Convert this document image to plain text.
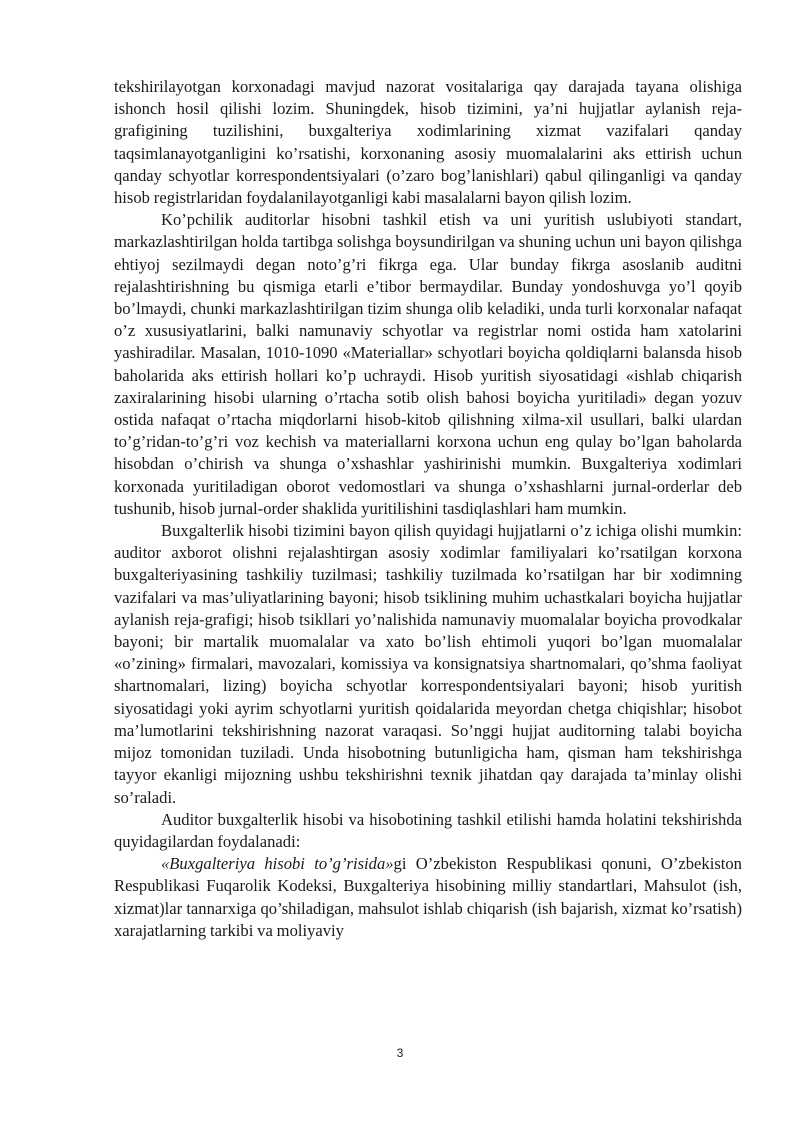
tekshirilayotgan korxonadagi mavjud nazorat vositalariga qay darajada tayana olishiga ishonch hosil qilishi lozim. Shuningdek, hisob tizimini, ya’ni hujjatlar aylanish reja-grafigining tuzilishini, buxgalteriya xodimlarining xizmat vazifalari qanday taqsimlanayotganligini ko’rsatishi, korxonaning asosiy muomalalarini aks ettirish uchun qanday schyotlar korrespondentsiyalari (o’zaro bog’lanishlari) qabul qilinganligi va qanday hisob registrlaridan foydalanilayotganligi kabi masalalarni bayon qilish lozim.

Ko’pchilik auditorlar hisobni tashkil etish va uni yuritish uslubiyoti standart, markazlashtirilgan holda tartibga solishga boysundirilgan va shuning uchun uni bayon qilishga ehtiyoj sezilmaydi degan noto’g’ri fikrga ega. Ular bunday fikrga asoslanib auditni rejalashtirishning bu qismiga etarli e’tibor bermaydilar. Bunday yondoshuvga yo’l qoyib bo’lmaydi, chunki markazlashtirilgan tizim shunga olib keladiki, unda turli korxonalar nafaqat o’z xususiyatlarini, balki namunaviy schyotlar va registrlar nomi ostida ham xatolarini yashiradilar. Masalan, 1010-1090 «Materiallar» schyotlari boyicha qoldiqlarni balansda hisob baholarida aks ettirish hollari ko’p uchraydi. Hisob yuritish siyosatidagi «ishlab chiqarish zaxiralarining hisobi ularning o’rtacha sotib olish bahosi boyicha yuritiladi» degan yozuv ostida nafaqat o’rtacha miqdorlarni hisob-kitob qilishning xilma-xil usullari, balki ulardan to’g’ridan-to’g’ri voz kechish va materiallarni korxona uchun eng qulay bo’lgan baholarda hisobdan o’chirish va shunga o’xshashlar yashirinishi mumkin. Buxgalteriya xodimlari korxonada yuritiladigan oborot vedomostlari va shunga o’xshashlarni jurnal-orderlar deb tushunib, hisob jurnal-order shaklida yuritilishini tasdiqlashlari ham mumkin.

Buxgalterlik hisobi tizimini bayon qilish quyidagi hujjatlarni o’z ichiga olishi mumkin: auditor axborot olishni rejalashtirgan asosiy xodimlar familiyalari ko’rsatilgan korxona buxgalteriyasining tashkiliy tuzilmasi; tashkiliy tuzilmada ko’rsatilgan har bir xodimning vazifalari va mas’uliyatlarining bayoni; hisob tsiklining muhim uchastkalari boyicha hujjatlar aylanish reja-grafigi; hisob tsikllari yo’nalishida namunaviy muomalalar boyicha provodkalar bayoni; bir martalik muomalalar va xato bo’lish ehtimoli yuqori bo’lgan muomalalar «o’zining» firmalari, mavozalari, komissiya va konsignatsiya shartnomalari, qo’shma faoliyat shartnomalari, lizing) boyicha schyotlar korrespondentsiyalari bayoni; hisob yuritish siyosatidagi yoki ayrim schyotlarni yuritish qoidalarida meyordan chetga chiqishlar; hisobot ma’lumotlarini tekshirishning nazorat varaqasi. So’nggi hujjat auditorning talabi boyicha mijoz tomonidan tuziladi. Unda hisobotning butunligicha ham, qisman ham tekshirishga tayyor ekanligi mijozning ushbu tekshirishni texnik jihatdan qay darajada ta’minlay olishi so’raladi.

Auditor buxgalterlik hisobi va hisobotining tashkil etilishi hamda holatini tekshirishda quyidagilardan foydalanadi:

«Buxgalteriya hisobi to’g’risida»gi O’zbekiston Respublikasi qonuni, O’zbekiston Respublikasi Fuqarolik Kodeksi, Buxgalteriya hisobining milliy standartlari, Mahsulot (ish, xizmat)lar tannarxiga qo’shiladigan, mahsulot ishlab chiqarish (ish bajarish, xizmat ko’rsatish) xarajatlarning tarkibi va moliyaviy

3
